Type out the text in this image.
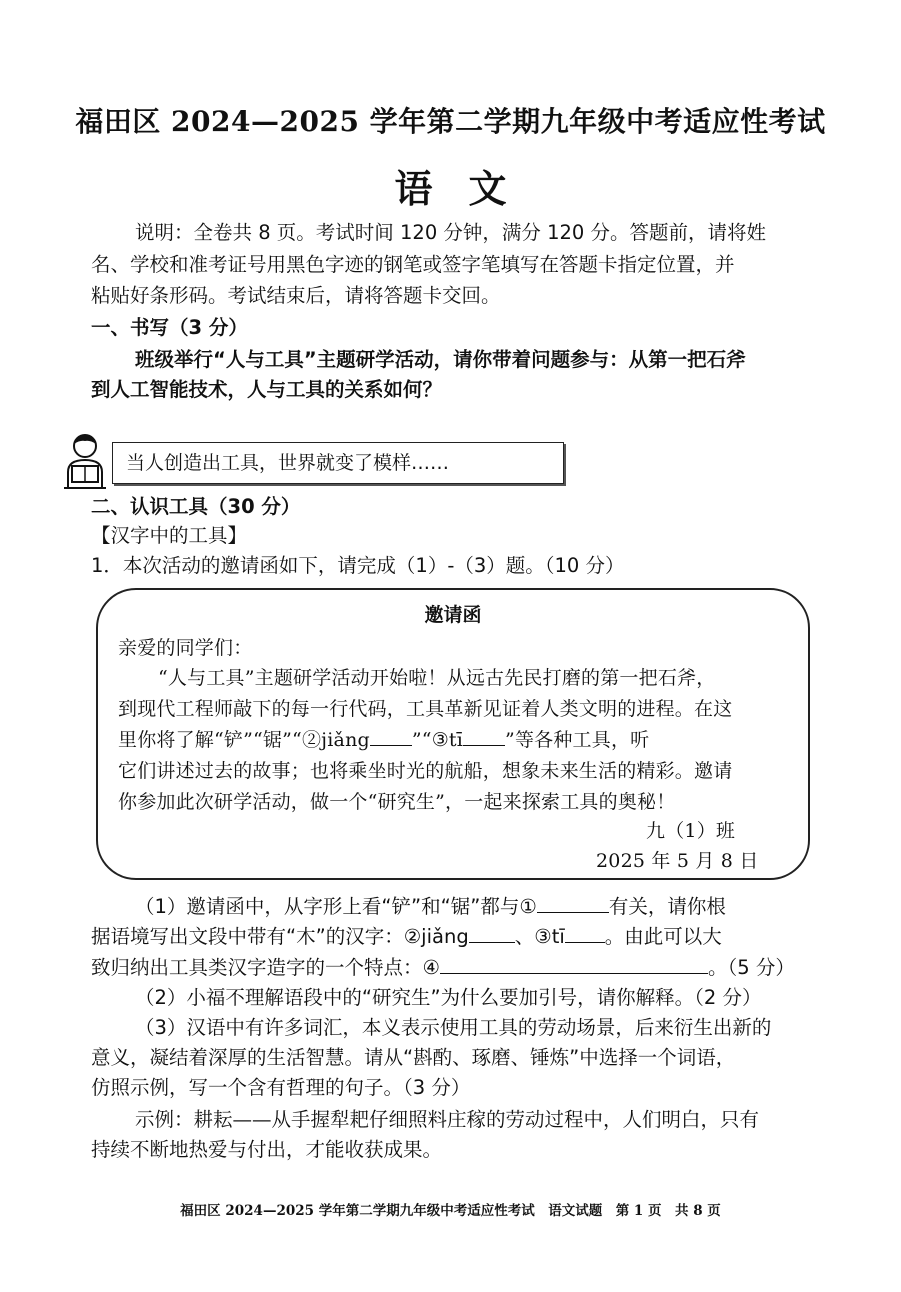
福田区 2024—2025 学年第二学期九年级中考适应性考试
语文
说明：全卷共 8 页。考试时间 120 分钟，满分 120 分。答题前，请将姓
名、学校和准考证号用黑色字迹的钢笔或签字笔填写在答题卡指定位置，并
粘贴好条形码。考试结束后，请将答题卡交回。
一、书写（3 分）
班级举行“人与工具”主题研学活动，请你带着问题参与：从第一把石斧
到人工智能技术，人与工具的关系如何？
当人创造出工具，世界就变了模样……
二、认识工具（30 分）
【汉字中的工具】
1．本次活动的邀请函如下，请完成（1）-（3）题。（10 分）
邀请函
亲爱的同学们：
“人与工具”主题研学活动开始啦！从远古先民打磨的第一把石斧，
到现代工程师敲下的每一行代码，工具革新见证着人类文明的进程。在这
里你将了解“铲”“锯”“②jiǎng ”“③tī ”等各种工具，听
它们讲述过去的故事；也将乘坐时光的航船，想象未来生活的精彩。邀请
你参加此次研学活动，做一个“研究生”，一起来探索工具的奥秘！
九（1）班
2025 年 5 月 8 日
（1）邀请函中，从字形上看“铲”和“锯”都与①	有关，请你根
据语境写出文段中带有“木”的汉字：②jiǎng 、③tī 。由此可以大
致归纳出工具类汉字造字的一个特点：④	。（5 分）
（2）小福不理解语段中的“研究生”为什么要加引号，请你解释。（2 分）
（3）汉语中有许多词汇，本义表示使用工具的劳动场景，后来衍生出新的
意义，凝结着深厚的生活智慧。请从“斟酌、琢磨、锤炼”中选择一个词语，
仿照示例，写一个含有哲理的句子。（3 分）
示例：耕耘——从手握犁耙仔细照料庄稼的劳动过程中，人们明白，只有
持续不断地热爱与付出，才能收获成果。
福田区 2024—2025 学年第二学期九年级中考适应性考试　语文试题　第 1 页　共 8 页
